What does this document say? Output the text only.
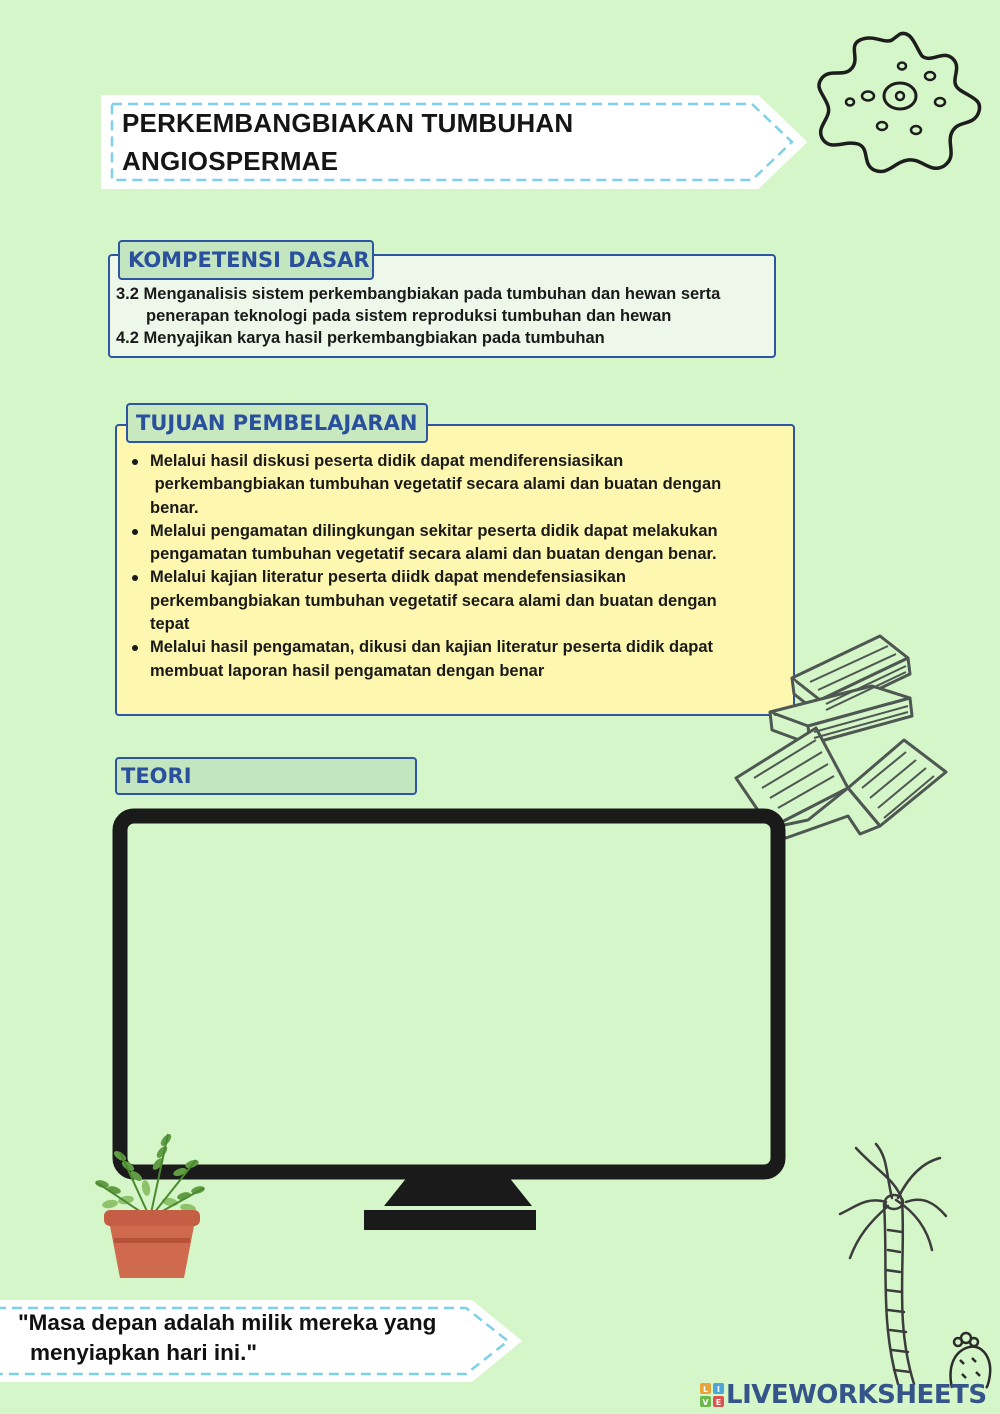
PERKEMBANGBIAKAN TUMBUHAN
ANGIOSPERMAE
KOMPETENSI DASAR
3.2 Menganalisis sistem perkembangbiakan pada tumbuhan dan hewan serta
penerapan teknologi pada sistem reproduksi tumbuhan dan hewan
4.2 Menyajikan karya hasil perkembangbiakan pada tumbuhan
TUJUAN PEMBELAJARAN
Melalui hasil diskusi peserta didik dapat mendiferensiasikan
perkembangbiakan tumbuhan vegetatif secara alami dan buatan dengan
benar.
Melalui pengamatan dilingkungan sekitar peserta didik dapat melakukan
pengamatan tumbuhan vegetatif secara alami dan buatan dengan benar.
Melalui kajian literatur peserta diidk dapat mendefensiasikan
perkembangbiakan tumbuhan vegetatif secara alami dan buatan dengan
tepat
Melalui hasil pengamatan, dikusi dan kajian literatur peserta didik dapat
membuat laporan hasil pengamatan dengan benar
TEORI
"Masa depan adalah milik mereka yang
menyiapkan hari ini."
L I
V E LIVEWORKSHEETS
